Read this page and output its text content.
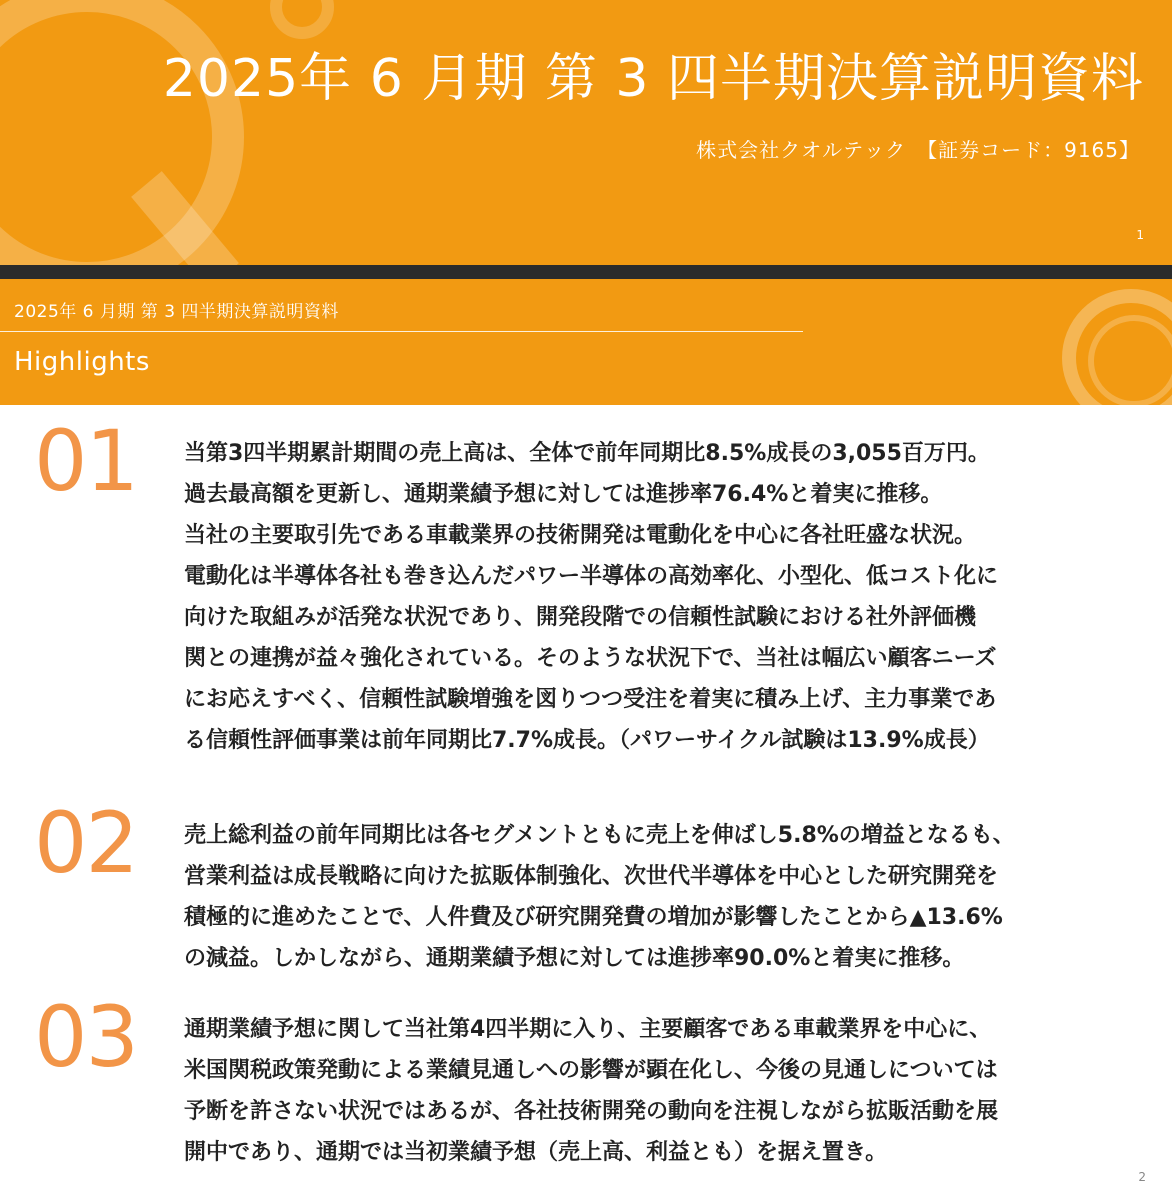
2025年 6 月期 第 3 四半期決算説明資料
株式会社クオルテック　【証券コード：9165】
1
2025年 6 月期 第 3 四半期決算説明資料
Highlights
01 当第3四半期累計期間の売上高は、全体で前年同期比8.5%成長の3,055百万円。
過去最高額を更新し、通期業績予想に対しては進捗率76.4%と着実に推移。
当社の主要取引先である車載業界の技術開発は電動化を中心に各社旺盛な状況。
電動化は半導体各社も巻き込んだパワー半導体の高効率化、小型化、低コスト化に
向けた取組みが活発な状況であり、開発段階での信頼性試験における社外評価機
関との連携が益々強化されている。そのような状況下で、当社は幅広い顧客ニーズ
にお応えすべく、信頼性試験増強を図りつつ受注を着実に積み上げ、主力事業であ
る信頼性評価事業は前年同期比7.7%成長。（パワーサイクル試験は13.9%成長）
02 売上総利益の前年同期比は各セグメントともに売上を伸ばし5.8%の増益となるも、
営業利益は成長戦略に向けた拡販体制強化、次世代半導体を中心とした研究開発を
積極的に進めたことで、人件費及び研究開発費の増加が影響したことから▲13.6%
の減益。しかしながら、通期業績予想に対しては進捗率90.0%と着実に推移。
03 通期業績予想に関して当社第4四半期に入り、主要顧客である車載業界を中心に、
米国関税政策発動による業績見通しへの影響が顕在化し、今後の見通しについては
予断を許さない状況ではあるが、各社技術開発の動向を注視しながら拡販活動を展
開中であり、通期では当初業績予想（売上高、利益とも）を据え置き。
2
